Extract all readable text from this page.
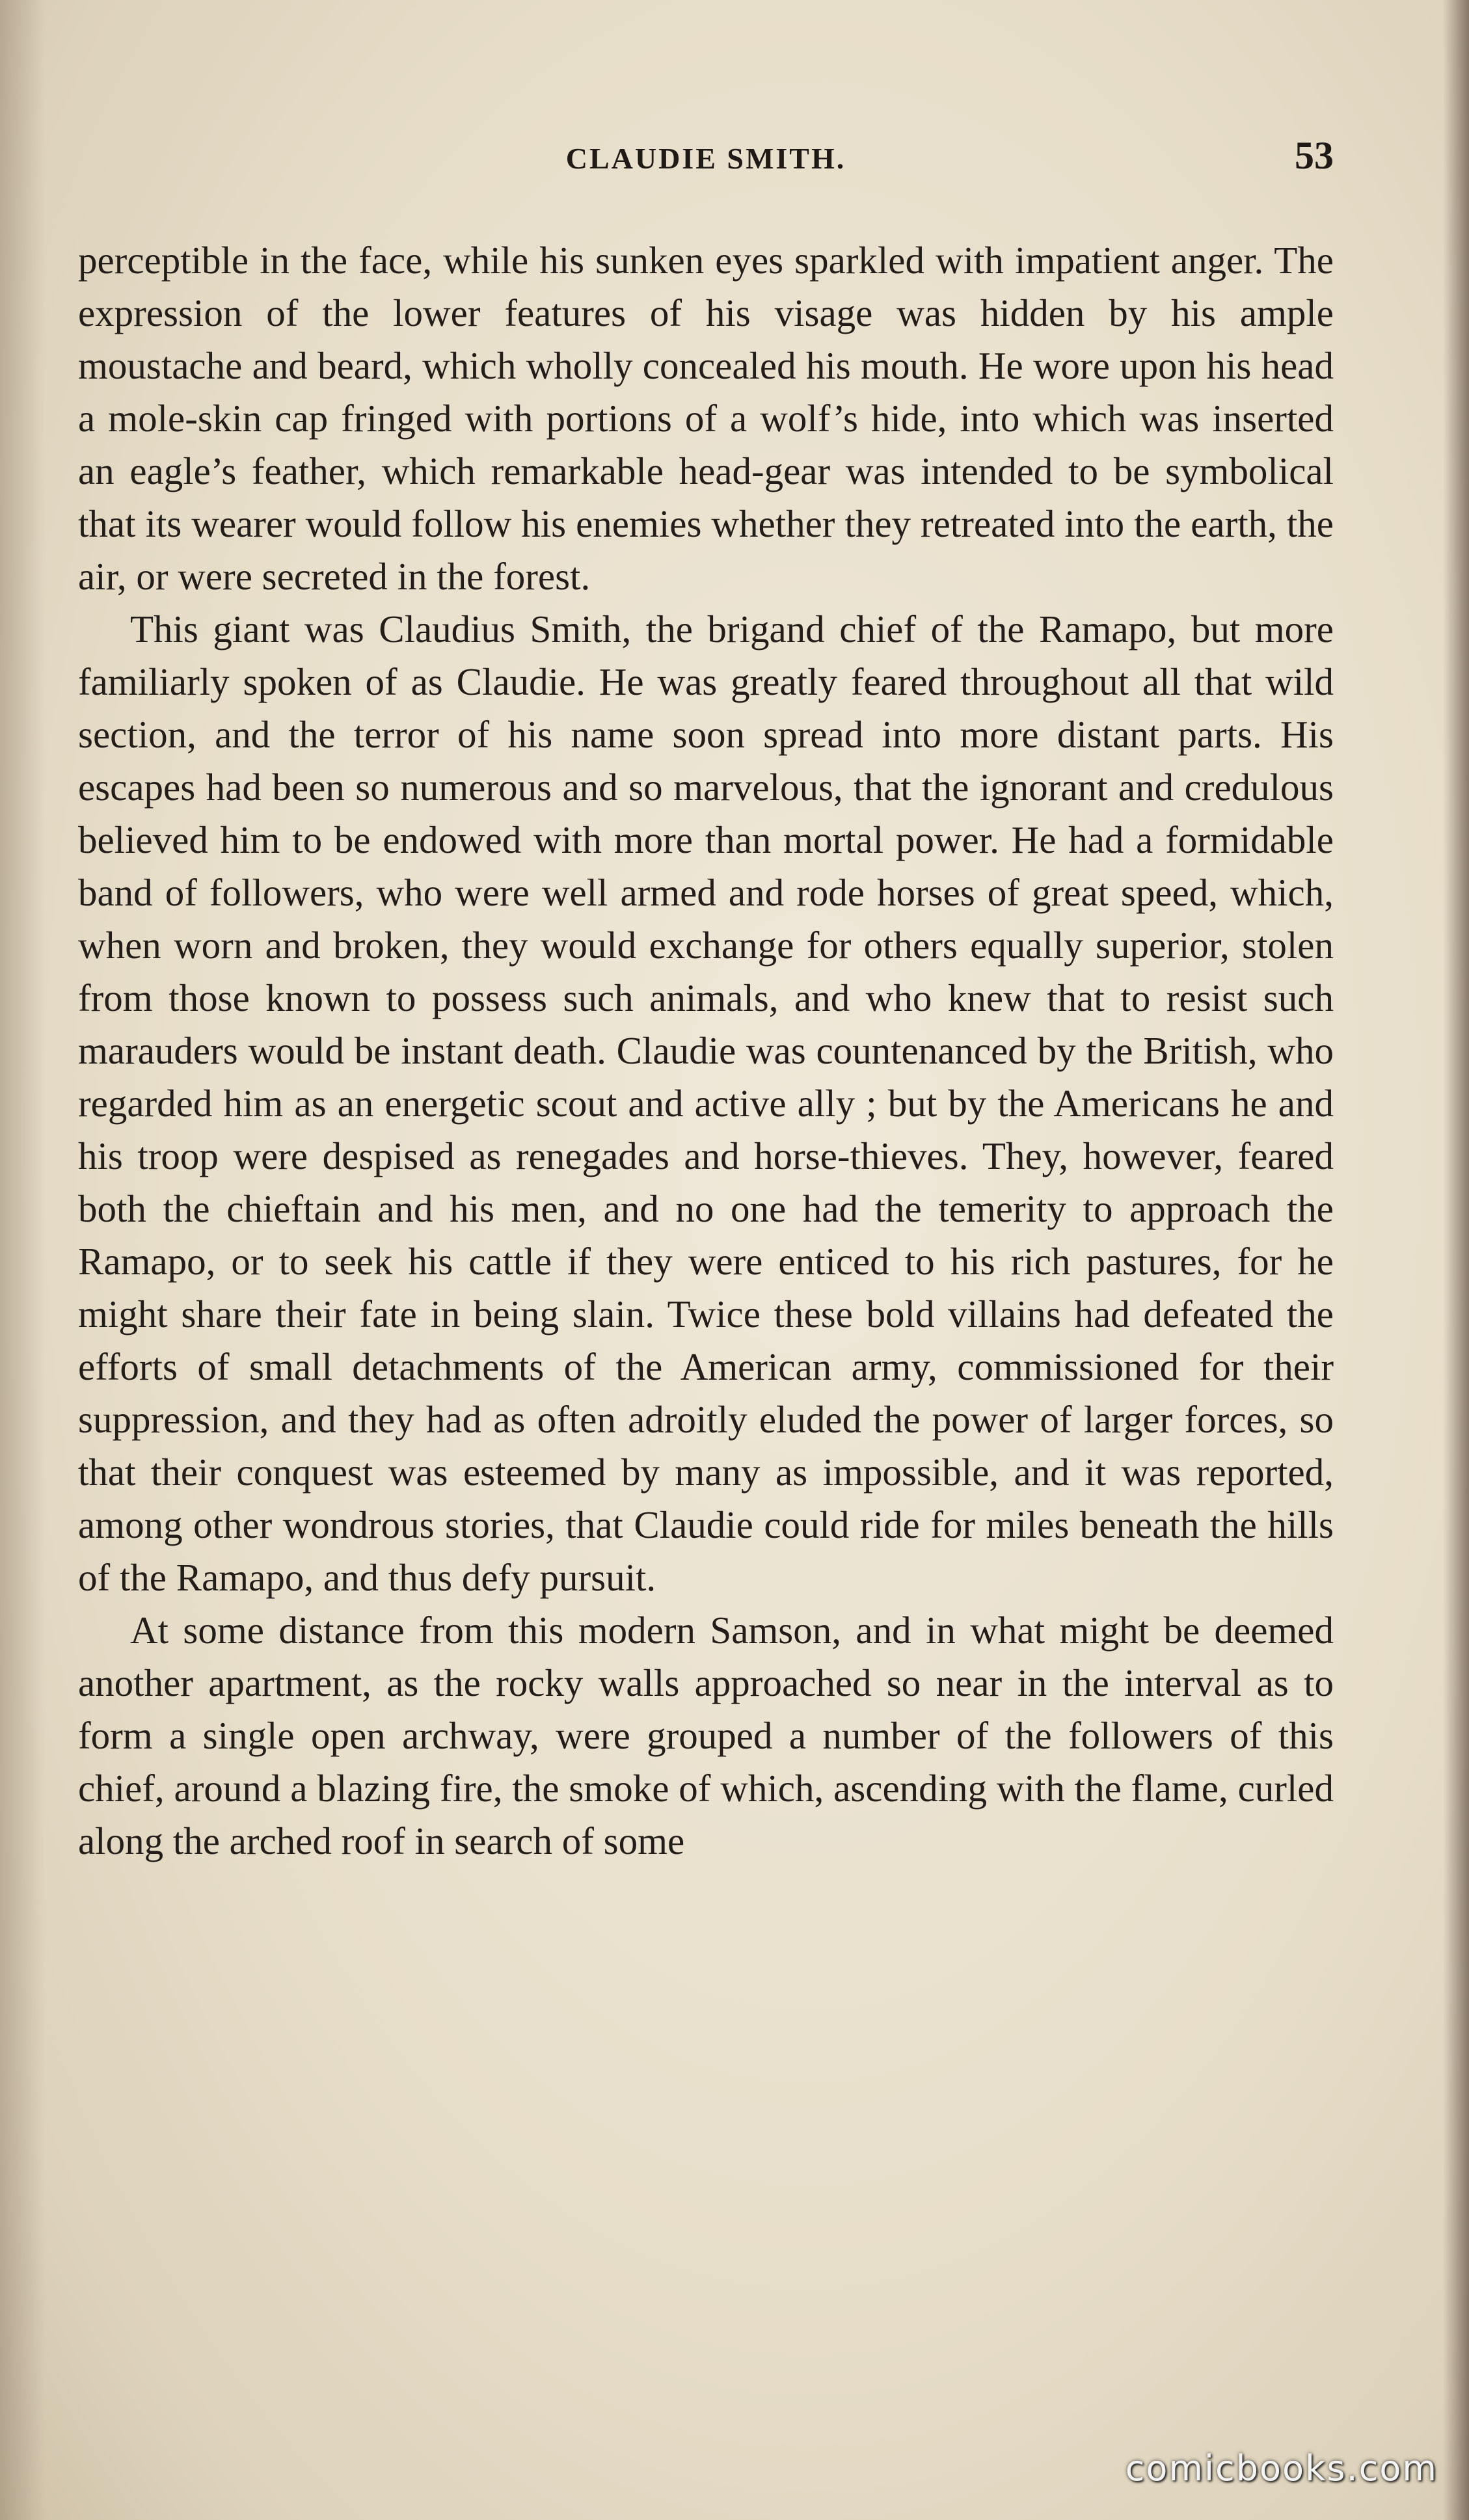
CLAUDIE SMITH.	53

perceptible in the face, while his sunken eyes sparkled with impatient anger. The expression of the lower features of his visage was hidden by his ample moustache and beard, which wholly concealed his mouth. He wore upon his head a mole-skin cap fringed with portions of a wolf’s hide, into which was inserted an eagle’s feather, which remarkable head-gear was intended to be symbolical that its wearer would follow his enemies whether they retreated into the earth, the air, or were secreted in the forest.

This giant was Claudius Smith, the brigand chief of the Ramapo, but more familiarly spoken of as Claudie. He was greatly feared throughout all that wild section, and the terror of his name soon spread into more distant parts. His escapes had been so numerous and so marvelous, that the ignorant and credulous believed him to be endowed with more than mortal power. He had a formidable band of followers, who were well armed and rode horses of great speed, which, when worn and broken, they would exchange for others equally superior, stolen from those known to possess such animals, and who knew that to resist such marauders would be instant death. Claudie was countenanced by the British, who regarded him as an energetic scout and active ally ; but by the Americans he and his troop were despised as renegades and horse-thieves. They, however, feared both the chieftain and his men, and no one had the temerity to approach the Ramapo, or to seek his cattle if they were enticed to his rich pastures, for he might share their fate in being slain. Twice these bold villains had defeated the efforts of small detachments of the American army, commissioned for their suppression, and they had as often adroitly eluded the power of larger forces, so that their conquest was esteemed by many as impossible, and it was reported, among other wondrous stories, that Claudie could ride for miles beneath the hills of the Ramapo, and thus defy pursuit.

At some distance from this modern Samson, and in what might be deemed another apartment, as the rocky walls approached so near in the interval as to form a single open archway, were grouped a number of the followers of this chief, around a blazing fire, the smoke of which, ascending with the flame, curled along the arched roof in search of some

comicbooks.com
